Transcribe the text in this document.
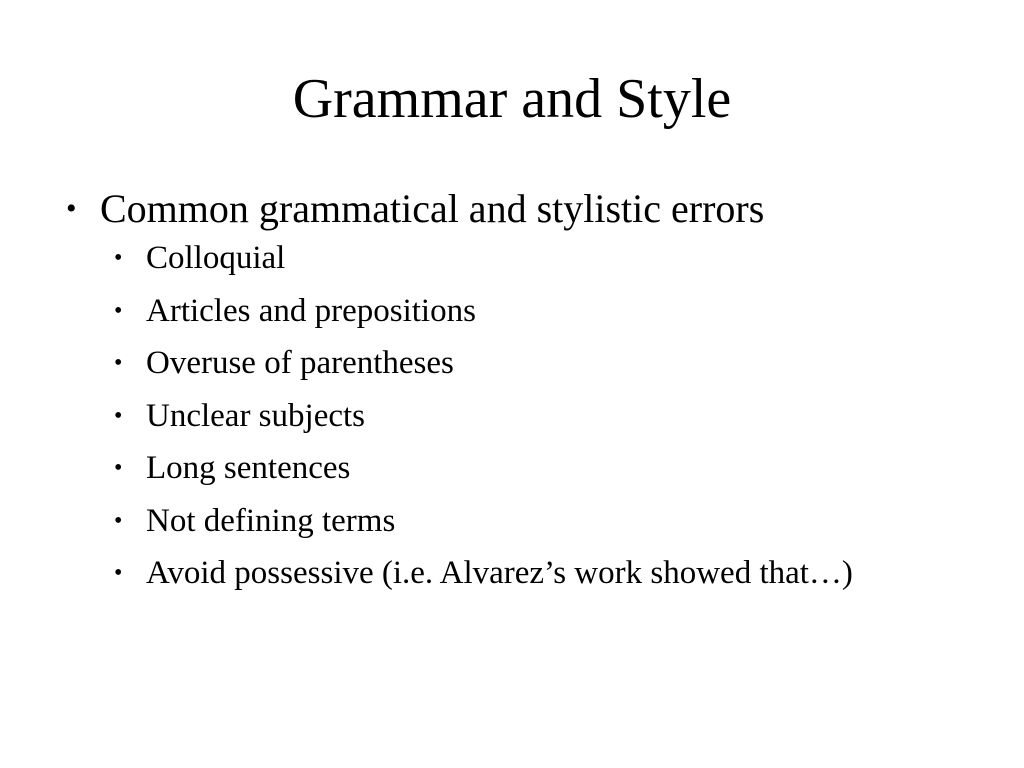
Grammar and Style
• Common grammatical and stylistic errors
• Colloquial
• Articles and prepositions
• Overuse of parentheses
• Unclear subjects
• Long sentences
• Not defining terms
• Avoid possessive (i.e. Alvarez’s work showed that…)
